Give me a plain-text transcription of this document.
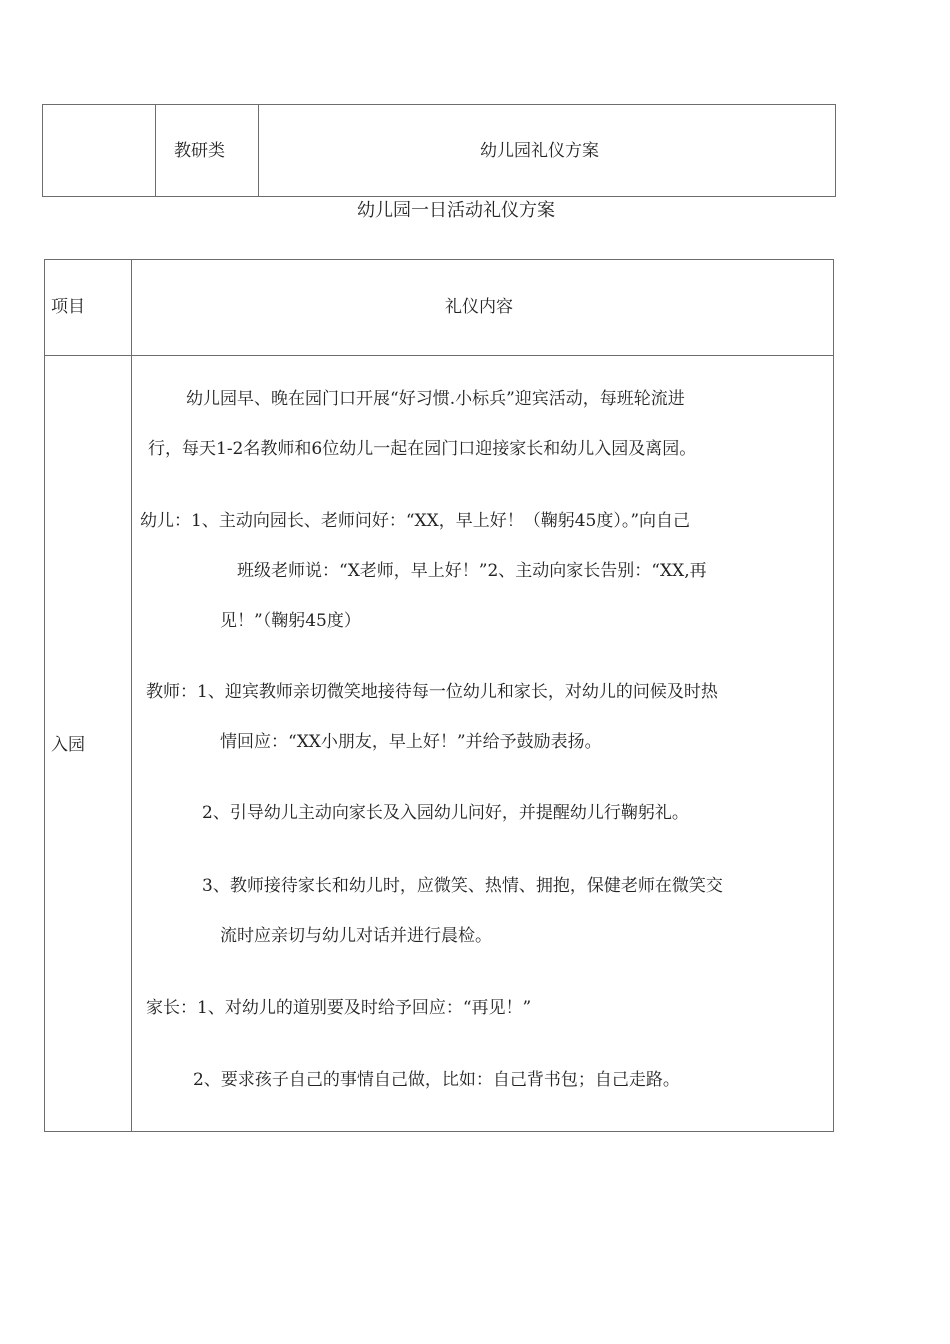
教研类	幼儿园礼仪方案
幼儿园一日活动礼仪方案
项目	礼仪内容
入园
幼儿园早、晚在园门口开展“好习惯.小标兵”迎宾活动，每班轮流进
行，每天1-2名教师和6位幼儿一起在园门口迎接家长和幼儿入园及离园。
幼儿：1、主动向园长、老师问好：“XX，早上好！（鞠躬45度）。”向自己
班级老师说：“X老师，早上好！”2、主动向家长告别：“XX,再
见！”（鞠躬45度）
教师：1、迎宾教师亲切微笑地接待每一位幼儿和家长，对幼儿的问候及时热
情回应：“XX小朋友，早上好！”并给予鼓励表扬。
2、引导幼儿主动向家长及入园幼儿问好，并提醒幼儿行鞠躬礼。
3、教师接待家长和幼儿时，应微笑、热情、拥抱，保健老师在微笑交
流时应亲切与幼儿对话并进行晨检。
家长：1、对幼儿的道别要及时给予回应：“再见！”
2、要求孩子自己的事情自己做，比如：自己背书包；自己走路。
